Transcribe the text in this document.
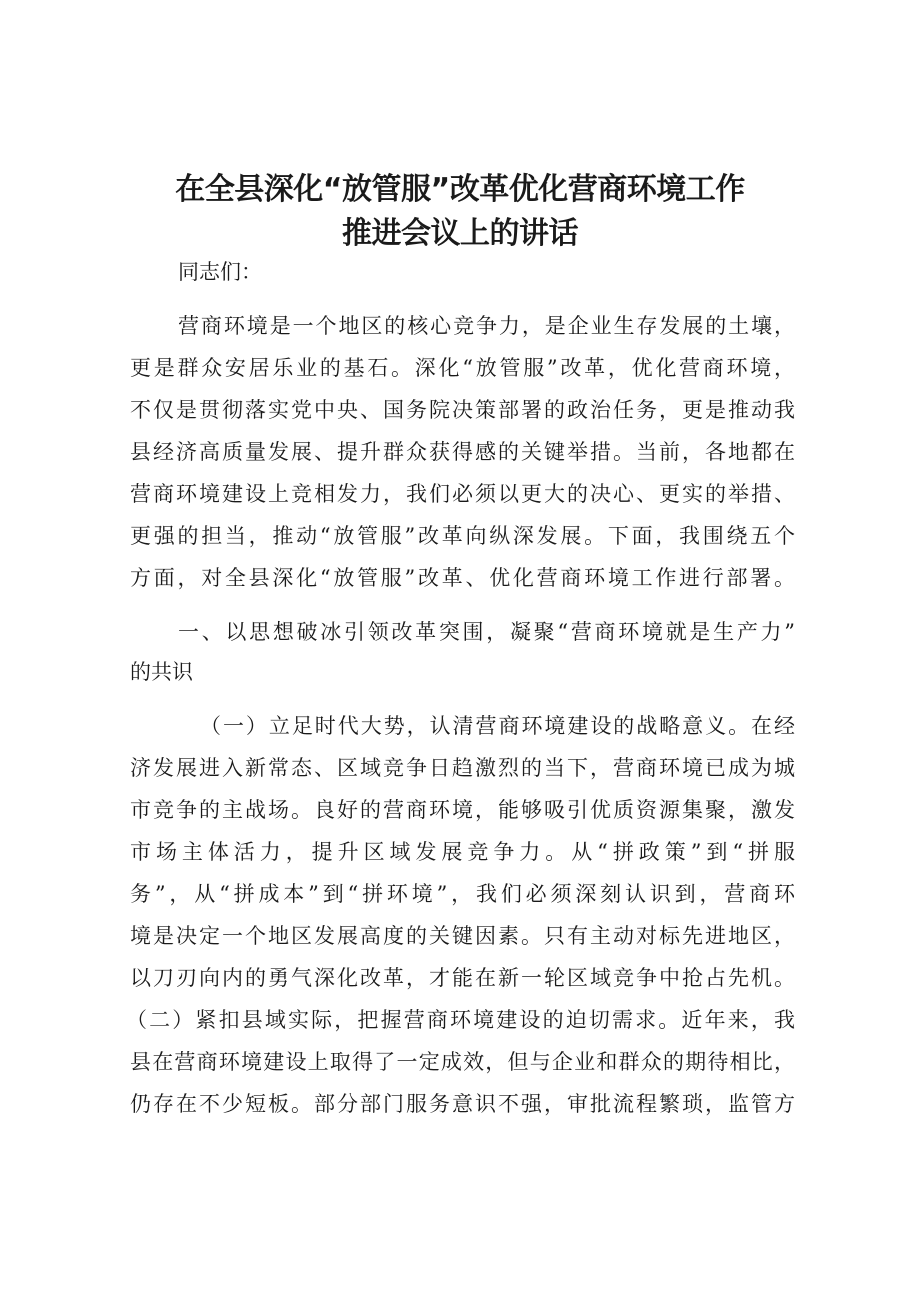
在全县深化“放管服”改革优化营商环境工作
推进会议上的讲话

同志们：

营商环境是一个地区的核心竞争力，是企业生存发展的土壤，

更是群众安居乐业的基石。深化“放管服”改革，优化营商环境，

不仅是贯彻落实党中央、国务院决策部署的政治任务，更是推动我

县经济高质量发展、提升群众获得感的关键举措。当前，各地都在

营商环境建设上竞相发力，我们必须以更大的决心、更实的举措、

更强的担当，推动“放管服”改革向纵深发展。下面，我围绕五个

方面，对全县深化“放管服”改革、优化营商环境工作进行部署。

一、以思想破冰引领改革突围，凝聚“营商环境就是生产力”

的共识

（一）立足时代大势，认清营商环境建设的战略意义。在经

济发展进入新常态、区域竞争日趋激烈的当下，营商环境已成为城

市竞争的主战场。良好的营商环境，能够吸引优质资源集聚，激发

市场主体活力，提升区域发展竞争力。从“拼政策”到“拼服

务”，从“拼成本”到“拼环境”，我们必须深刻认识到，营商环

境是决定一个地区发展高度的关键因素。只有主动对标先进地区，

以刀刃向内的勇气深化改革，才能在新一轮区域竞争中抢占先机。

（二）紧扣县域实际，把握营商环境建设的迫切需求。近年来，我

县在营商环境建设上取得了一定成效，但与企业和群众的期待相比，

仍存在不少短板。部分部门服务意识不强，审批流程繁琐，监管方
